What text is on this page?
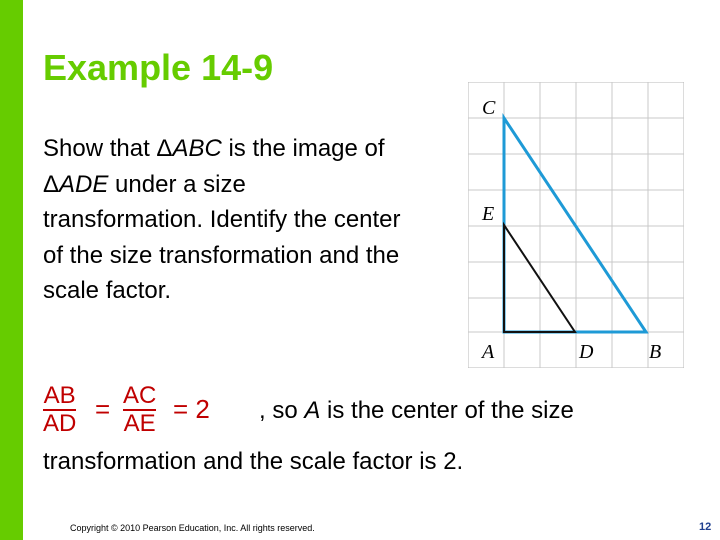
Example 14-9
Show that ΔABC is the image of ΔADE under a size transformation. Identify the center of the size transformation and the scale factor.
C
E
A	D	B
AB
AD = AC
AE = 2 , so A is the center of the size
transformation and the scale factor is 2.
Copyright © 2010 Pearson Education, Inc. All rights reserved.	12
